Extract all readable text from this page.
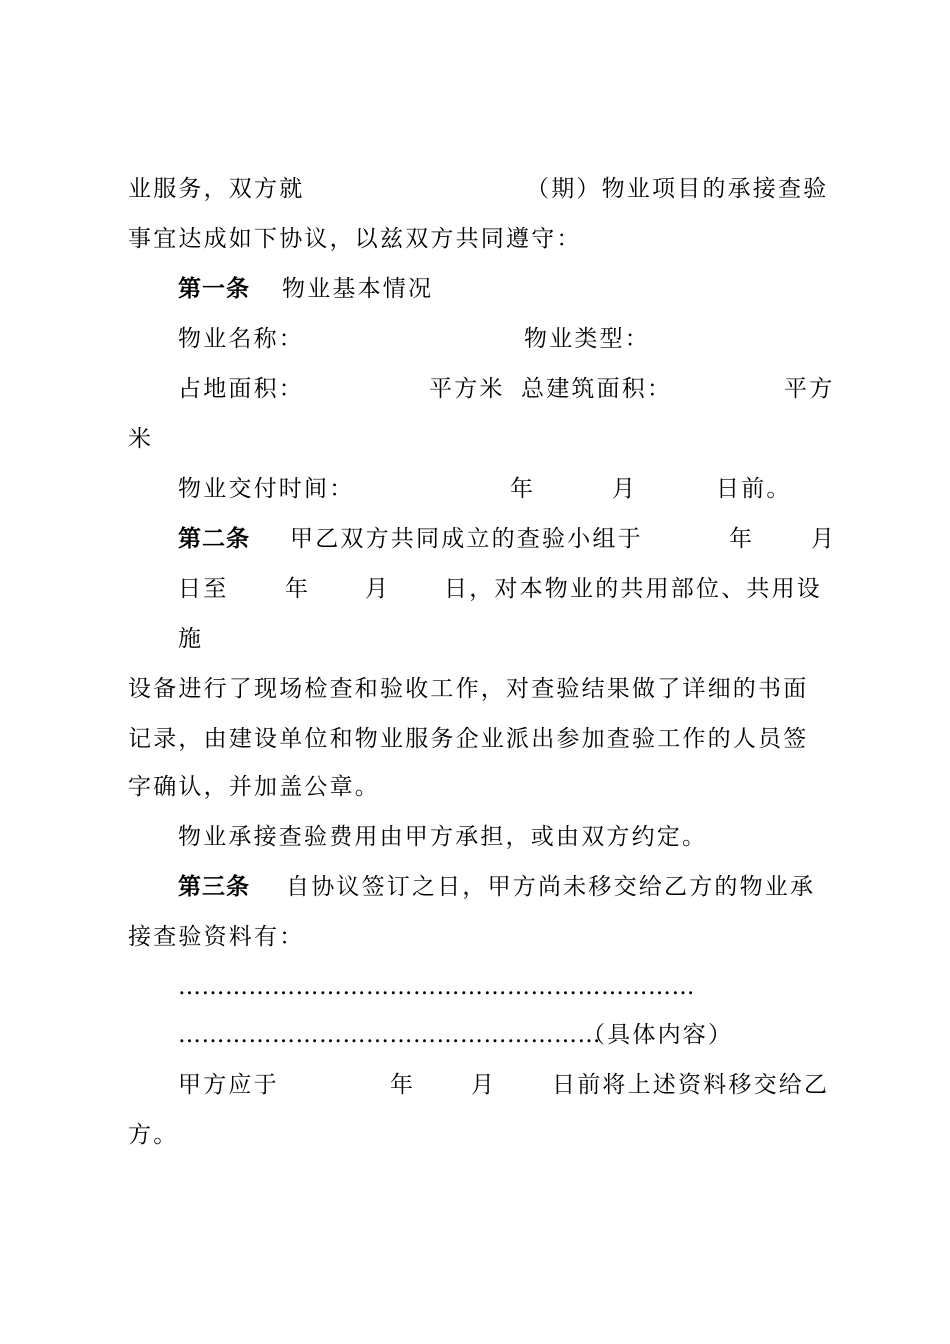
业服务，双方就

	（期）物业项目的承接查验

事宜达成如下协议，以兹双方共同遵守：

第一条

物业基本情况

物业名称：

	物业类型：

占地面积：

	平方米

总建筑面积：

	平方

米

物业交付时间：

	年

	月

	日前。

第二条

甲乙双方共同成立的查验小组于

	年

月

日至

年

月

日，对本物业的共用部位、共用设

施

设备进行了现场检查和验收工作，对查验结果做了详细的书面

记录，由建设单位和物业服务企业派出参加查验工作的人员签

字确认，并加盖公章。

物业承接查验费用由甲方承担，或由双方约定。

第三条

自协议签订之日，甲方尚未移交给乙方的物业承

接查验资料有：

…………………………………………………………

………………………………………………

（具体内容）

甲方应于

	年

月

日前将上述资料移交给乙

方。
